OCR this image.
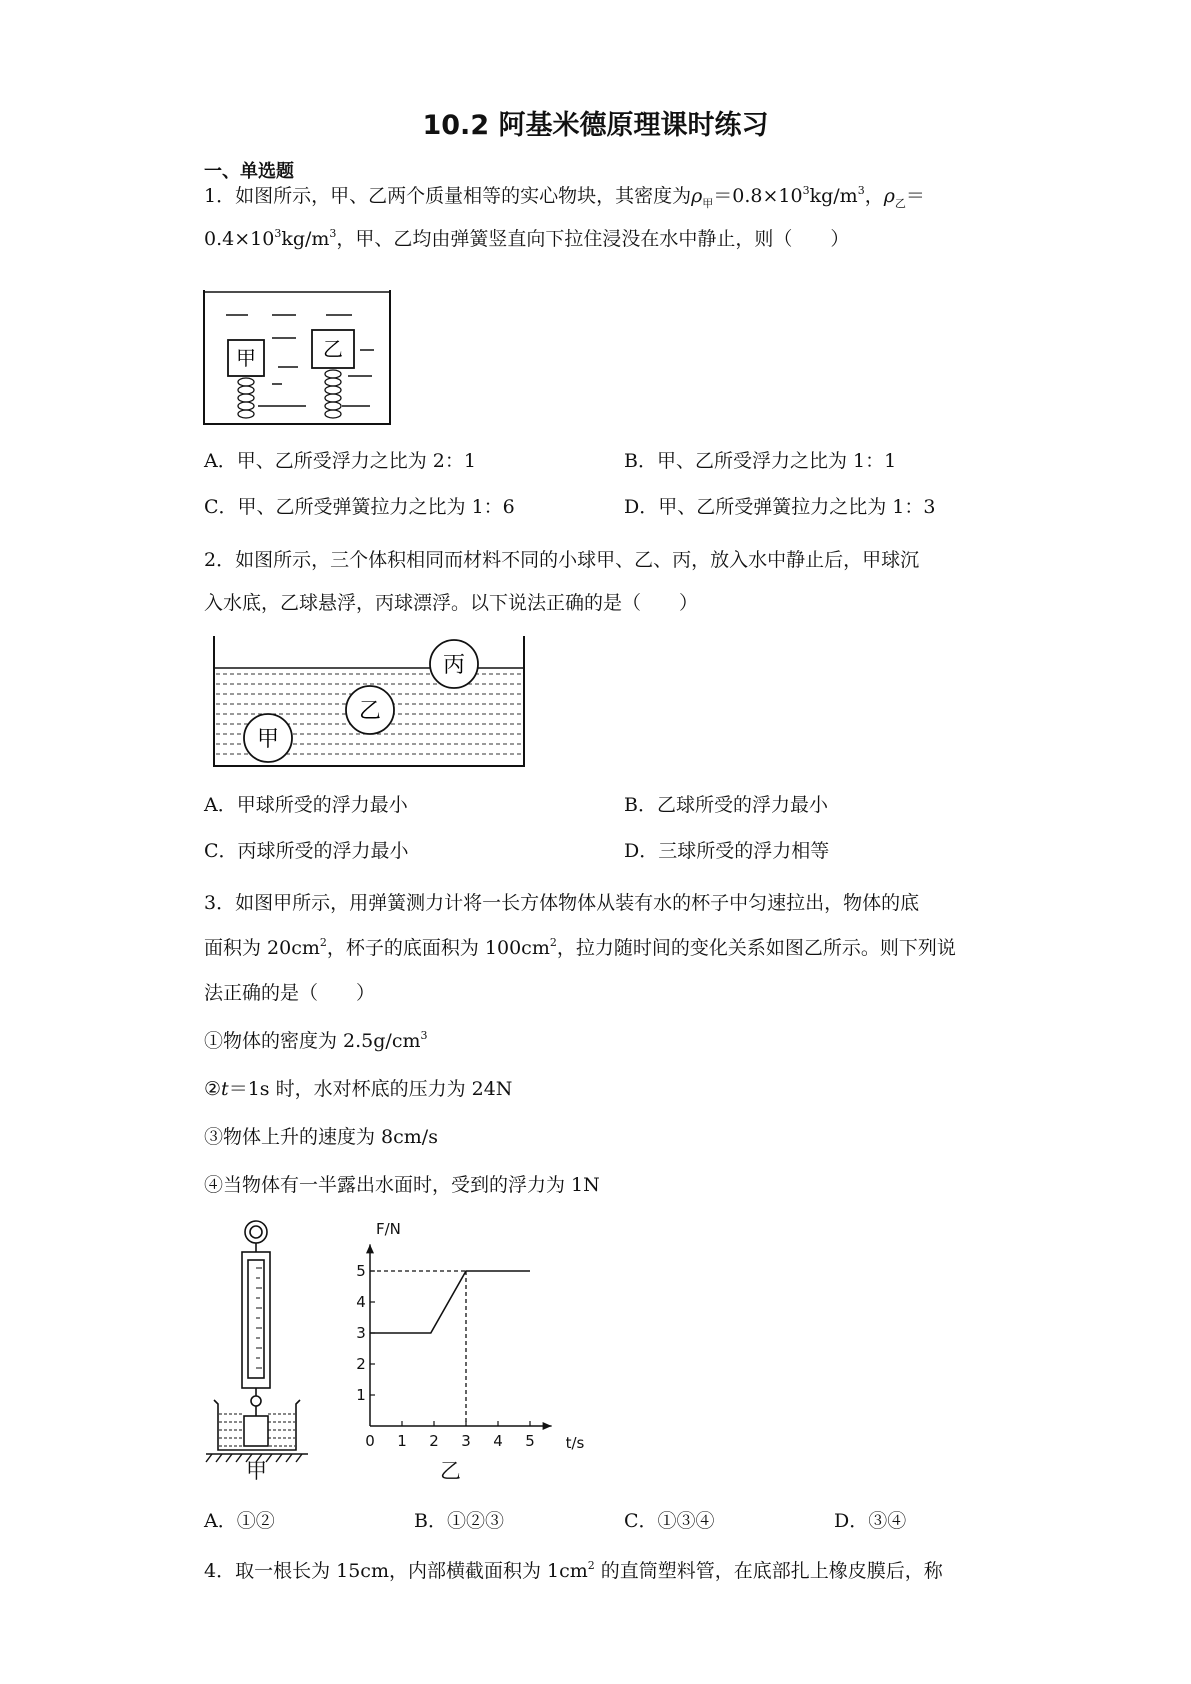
10.2 阿基米德原理课时练习
一、单选题
1．如图所示，甲、乙两个质量相等的实心物块，其密度为$\rho_甲=0.8\times 10^3kg/m^3$，$\rho_乙=$
$0.4\times 10^3kg/m^3$，甲、乙均由弹簧竖直向下拉住浸没在水中静止，则（　　）
甲	乙
A．甲、乙所受浮力之比为 2：1	B．甲、乙所受浮力之比为 1：1
C．甲、乙所受弹簧拉力之比为 1：6	D．甲、乙所受弹簧拉力之比为 1：3
2．如图所示，三个体积相同而材料不同的小球甲、乙、丙，放入水中静止后，甲球沉
入水底，乙球悬浮，丙球漂浮。以下说法正确的是（　　）
丙
乙
甲
A．甲球所受的浮力最小	B．乙球所受的浮力最小
C．丙球所受的浮力最小	D．三球所受的浮力相等
3．如图甲所示，用弹簧测力计将一长方体物体从装有水的杯子中匀速拉出，物体的底
面积为 $20cm^2$，杯子的底面积为 $100cm^2$，拉力随时间的变化关系如图乙所示。则下列说
法正确的是（　　）
①物体的密度为 $2.5g/cm^3$
②t＝1s 时，水对杯底的压力为 24N
③物体上升的速度为 8cm/s
④当物体有一半露出水面时，受到的浮力为 1N
甲
0 1 2 3 4 5
1
2
3
4
5
F/N
t/s
乙
A．①②	B．①②③	C．①③④	D．③④
4．取一根长为 15cm，内部横截面积为 $1cm^2$ 的直筒塑料管，在底部扎上橡皮膜后，称
